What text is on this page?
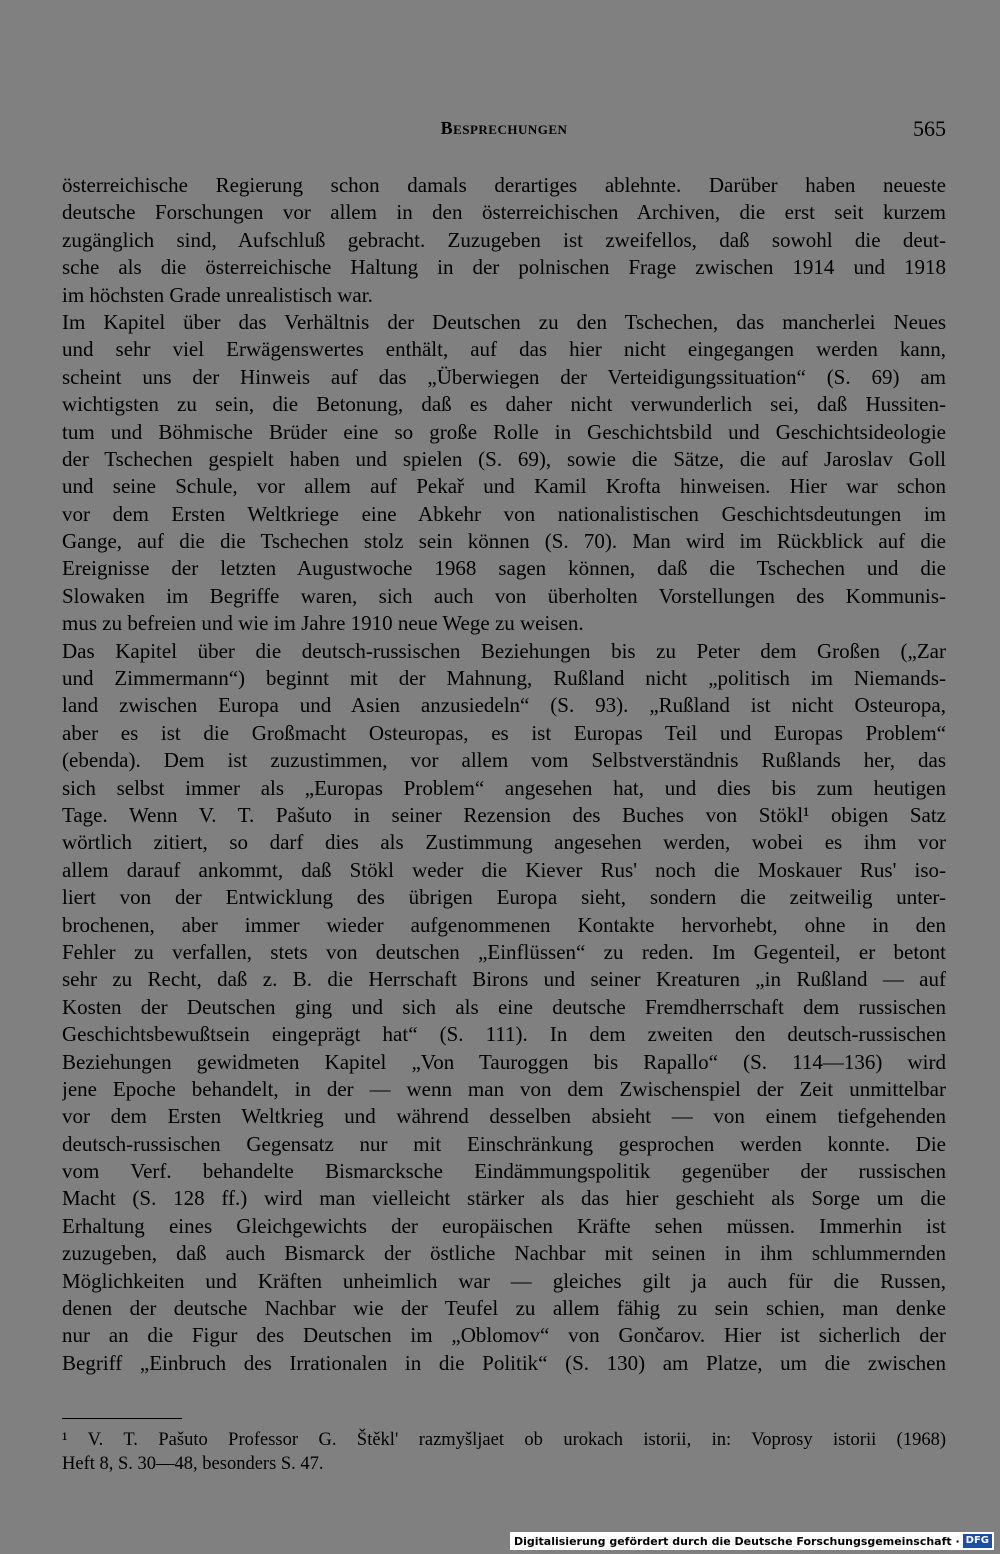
Besprechungen	565
österreichische Regierung schon damals derartiges ablehnte. Darüber haben neueste
deutsche Forschungen vor allem in den österreichischen Archiven, die erst seit kurzem
zugänglich sind, Aufschluß gebracht. Zuzugeben ist zweifellos, daß sowohl die deut-
sche als die österreichische Haltung in der polnischen Frage zwischen 1914 und 1918
im höchsten Grade unrealistisch war.
Im Kapitel über das Verhältnis der Deutschen zu den Tschechen, das mancherlei Neues
und sehr viel Erwägenswertes enthält, auf das hier nicht eingegangen werden kann,
scheint uns der Hinweis auf das „Überwiegen der Verteidigungssituation“ (S. 69) am
wichtigsten zu sein, die Betonung, daß es daher nicht verwunderlich sei, daß Hussiten-
tum und Böhmische Brüder eine so große Rolle in Geschichtsbild und Geschichtsideologie
der Tschechen gespielt haben und spielen (S. 69), sowie die Sätze, die auf Jaroslav Goll
und seine Schule, vor allem auf Pekař und Kamil Krofta hinweisen. Hier war schon
vor dem Ersten Weltkriege eine Abkehr von nationalistischen Geschichtsdeutungen im
Gange, auf die die Tschechen stolz sein können (S. 70). Man wird im Rückblick auf die
Ereignisse der letzten Augustwoche 1968 sagen können, daß die Tschechen und die
Slowaken im Begriffe waren, sich auch von überholten Vorstellungen des Kommunis-
mus zu befreien und wie im Jahre 1910 neue Wege zu weisen.
Das Kapitel über die deutsch-russischen Beziehungen bis zu Peter dem Großen („Zar
und Zimmermann“) beginnt mit der Mahnung, Rußland nicht „politisch im Niemands-
land zwischen Europa und Asien anzusiedeln“ (S. 93). „Rußland ist nicht Osteuropa,
aber es ist die Großmacht Osteuropas, es ist Europas Teil und Europas Problem“
(ebenda). Dem ist zuzustimmen, vor allem vom Selbstverständnis Rußlands her, das
sich selbst immer als „Europas Problem“ angesehen hat, und dies bis zum heutigen
Tage. Wenn V. T. Pašuto in seiner Rezension des Buches von Stökl¹ obigen Satz
wörtlich zitiert, so darf dies als Zustimmung angesehen werden, wobei es ihm vor
allem darauf ankommt, daß Stökl weder die Kiever Rus' noch die Moskauer Rus' iso-
liert von der Entwicklung des übrigen Europa sieht, sondern die zeitweilig unter-
brochenen, aber immer wieder aufgenommenen Kontakte hervorhebt, ohne in den
Fehler zu verfallen, stets von deutschen „Einflüssen“ zu reden. Im Gegenteil, er betont
sehr zu Recht, daß z. B. die Herrschaft Birons und seiner Kreaturen „in Rußland — auf
Kosten der Deutschen ging und sich als eine deutsche Fremdherrschaft dem russischen
Geschichtsbewußtsein eingeprägt hat“ (S. 111). In dem zweiten den deutsch-russischen
Beziehungen gewidmeten Kapitel „Von Tauroggen bis Rapallo“ (S. 114—136) wird
jene Epoche behandelt, in der — wenn man von dem Zwischenspiel der Zeit unmittelbar
vor dem Ersten Weltkrieg und während desselben absieht — von einem tiefgehenden
deutsch-russischen Gegensatz nur mit Einschränkung gesprochen werden konnte. Die
vom Verf. behandelte Bismarcksche Eindämmungspolitik gegenüber der russischen
Macht (S. 128 ff.) wird man vielleicht stärker als das hier geschieht als Sorge um die
Erhaltung eines Gleichgewichts der europäischen Kräfte sehen müssen. Immerhin ist
zuzugeben, daß auch Bismarck der östliche Nachbar mit seinen in ihm schlummernden
Möglichkeiten und Kräften unheimlich war — gleiches gilt ja auch für die Russen,
denen der deutsche Nachbar wie der Teufel zu allem fähig zu sein schien, man denke
nur an die Figur des Deutschen im „Oblomov“ von Gončarov. Hier ist sicherlich der
Begriff „Einbruch des Irrationalen in die Politik“ (S. 130) am Platze, um die zwischen
¹ V. T. Pašuto Professor G. Štěkl' razmyšljaet ob urokach istorii, in: Voprosy istorii (1968)
Heft 8, S. 30—48, besonders S. 47.
Digitalisierung gefördert durch die Deutsche Forschungsgemeinschaft · DFG
